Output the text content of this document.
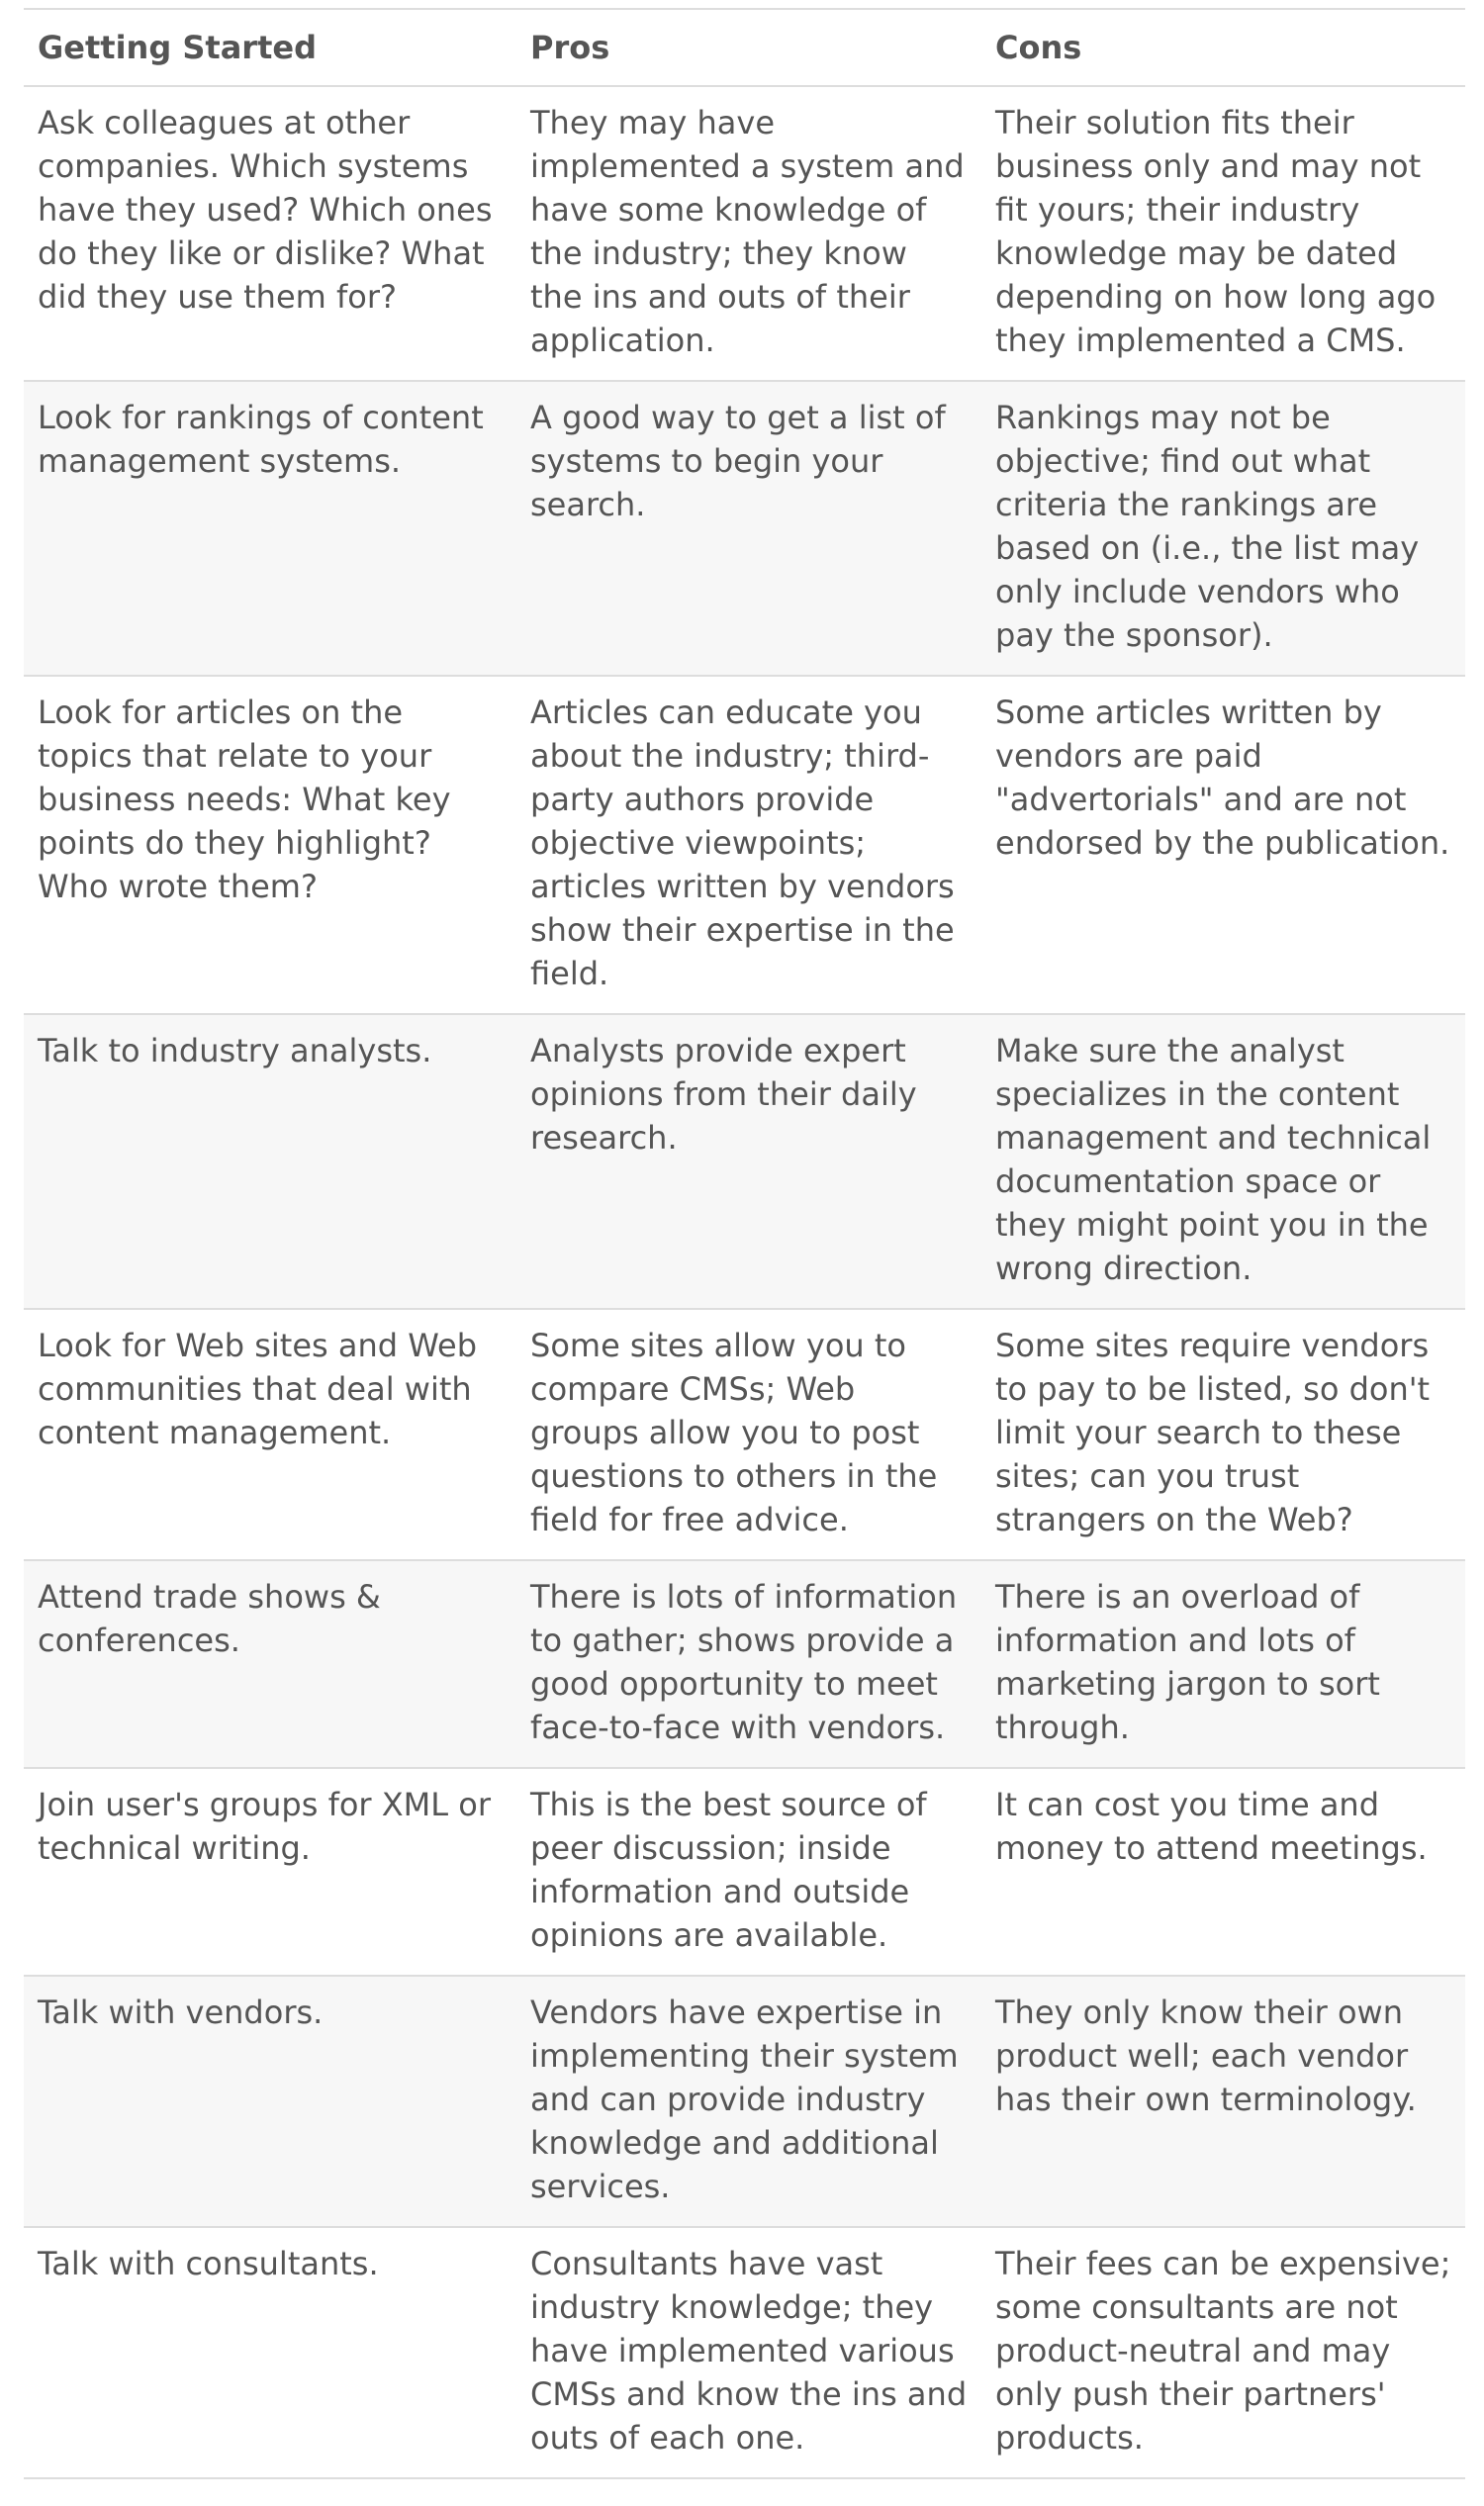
Getting Started	Pros	Cons
Ask colleagues at other companies. Which systems have they used? Which ones do they like or dislike? What did they use them for?	They may have implemented a system and have some knowledge of the industry; they know the ins and outs of their application.	Their solution fits their business only and may not fit yours; their industry knowledge may be dated depending on how long ago they implemented a CMS.
Look for rankings of content management systems.	A good way to get a list of systems to begin your search.	Rankings may not be objective; find out what criteria the rankings are based on (i.e., the list may only include vendors who pay the sponsor).
Look for articles on the topics that relate to your business needs: What key points do they highlight? Who wrote them?	Articles can educate you about the industry; third-party authors provide objective viewpoints; articles written by vendors show their expertise in the field.	Some articles written by vendors are paid "advertorials" and are not endorsed by the publication.
Talk to industry analysts.	Analysts provide expert opinions from their daily research.	Make sure the analyst specializes in the content management and technical documentation space or they might point you in the wrong direction.
Look for Web sites and Web communities that deal with content management.	Some sites allow you to compare CMSs; Web groups allow you to post questions to others in the field for free advice.	Some sites require vendors to pay to be listed, so don't limit your search to these sites; can you trust strangers on the Web?
Attend trade shows & conferences.	There is lots of information to gather; shows provide a good opportunity to meet face-to-face with vendors.	There is an overload of information and lots of marketing jargon to sort through.
Join user's groups for XML or technical writing.	This is the best source of peer discussion; inside information and outside opinions are available.	It can cost you time and money to attend meetings.
Talk with vendors.	Vendors have expertise in implementing their system and can provide industry knowledge and additional services.	They only know their own product well; each vendor has their own terminology.
Talk with consultants.	Consultants have vast industry knowledge; they have implemented various CMSs and know the ins and outs of each one.	Their fees can be expensive; some consultants are not product-neutral and may only push their partners' products.
